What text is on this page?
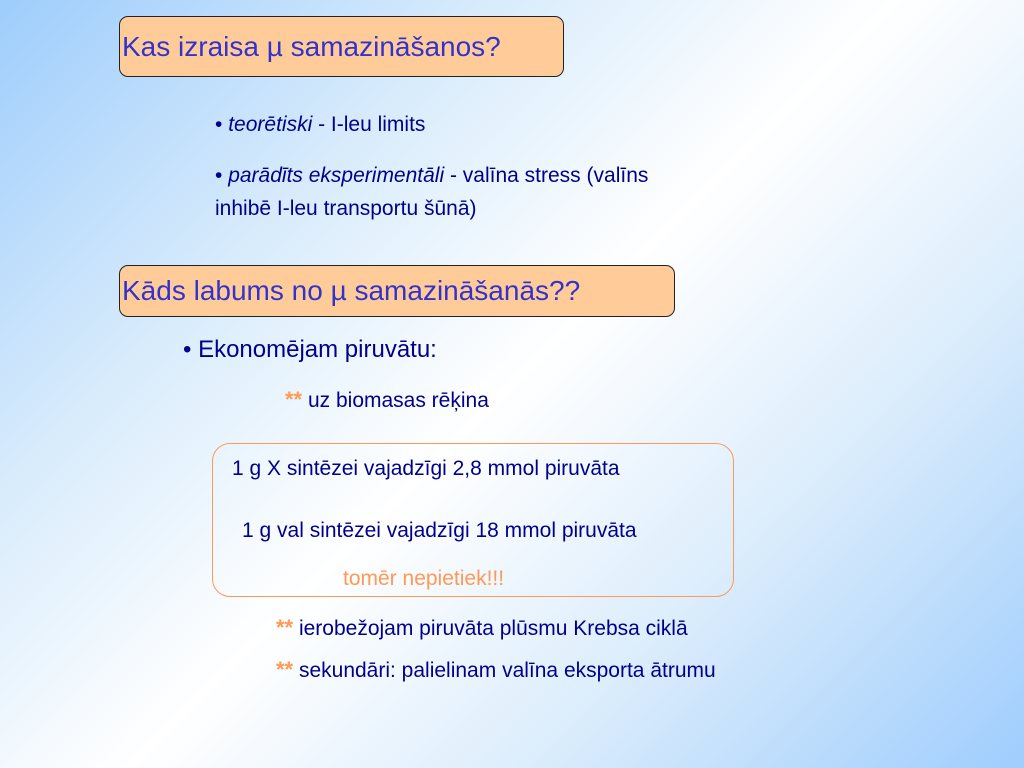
Kas izraisa µ samazināšanos?
• teorētiski - I-leu limits
• parādīts eksperimentāli - valīna stress (valīns
inhibē I-leu transportu šūnā)
Kāds labums no µ samazināšanās??
• Ekonomējam piruvātu:
** uz biomasas rēķina
1 g X sintēzei vajadzīgi 2,8 mmol piruvāta
1 g val sintēzei vajadzīgi 18 mmol piruvāta
tomēr nepietiek!!!
** ierobežojam piruvāta plūsmu Krebsa ciklā
** sekundāri: palielinam valīna eksporta ātrumu
